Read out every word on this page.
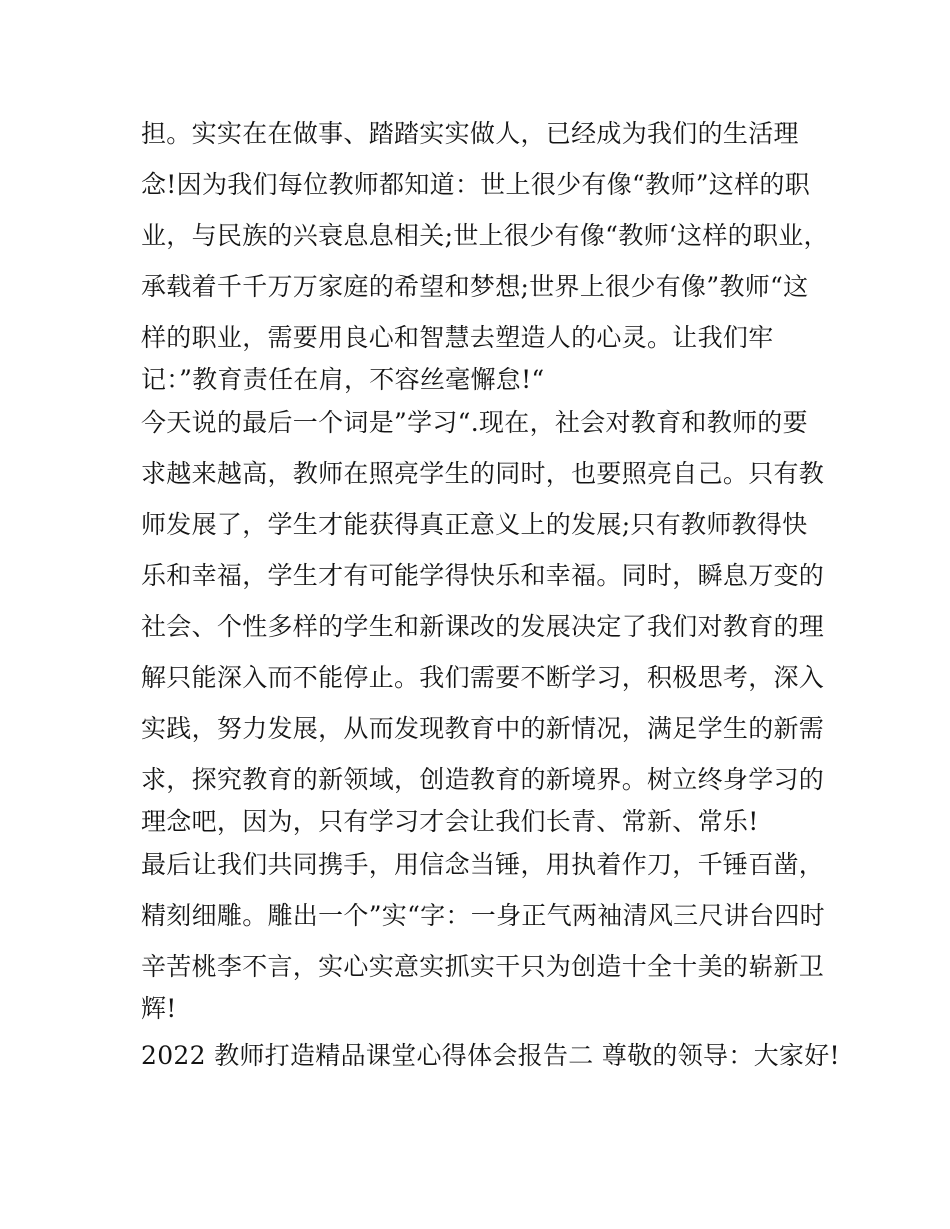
担。实实在在做事、踏踏实实做人，已经成为我们的生活理
念!因为我们每位教师都知道：世上很少有像“教师”这样的职
业，与民族的兴衰息息相关;世上很少有像“教师‘这样的职业，
承载着千千万万家庭的希望和梦想;世界上很少有像”教师“这
样的职业，需要用良心和智慧去塑造人的心灵。让我们牢
记：”教育责任在肩，不容丝毫懈怠!“
今天说的最后一个词是”学习“.现在，社会对教育和教师的要
求越来越高，教师在照亮学生的同时，也要照亮自己。只有教
师发展了，学生才能获得真正意义上的发展;只有教师教得快
乐和幸福，学生才有可能学得快乐和幸福。同时，瞬息万变的
社会、个性多样的学生和新课改的发展决定了我们对教育的理
解只能深入而不能停止。我们需要不断学习，积极思考，深入
实践，努力发展，从而发现教育中的新情况，满足学生的新需
求，探究教育的新领域，创造教育的新境界。树立终身学习的
理念吧，因为，只有学习才会让我们长青、常新、常乐!
最后让我们共同携手，用信念当锤，用执着作刀，千锤百凿，
精刻细雕。雕出一个”实“字：一身正气两袖清风三尺讲台四时
辛苦桃李不言，实心实意实抓实干只为创造十全十美的崭新卫
辉!
2022 教师打造精品课堂心得体会报告二 尊敬的领导：大家好!
